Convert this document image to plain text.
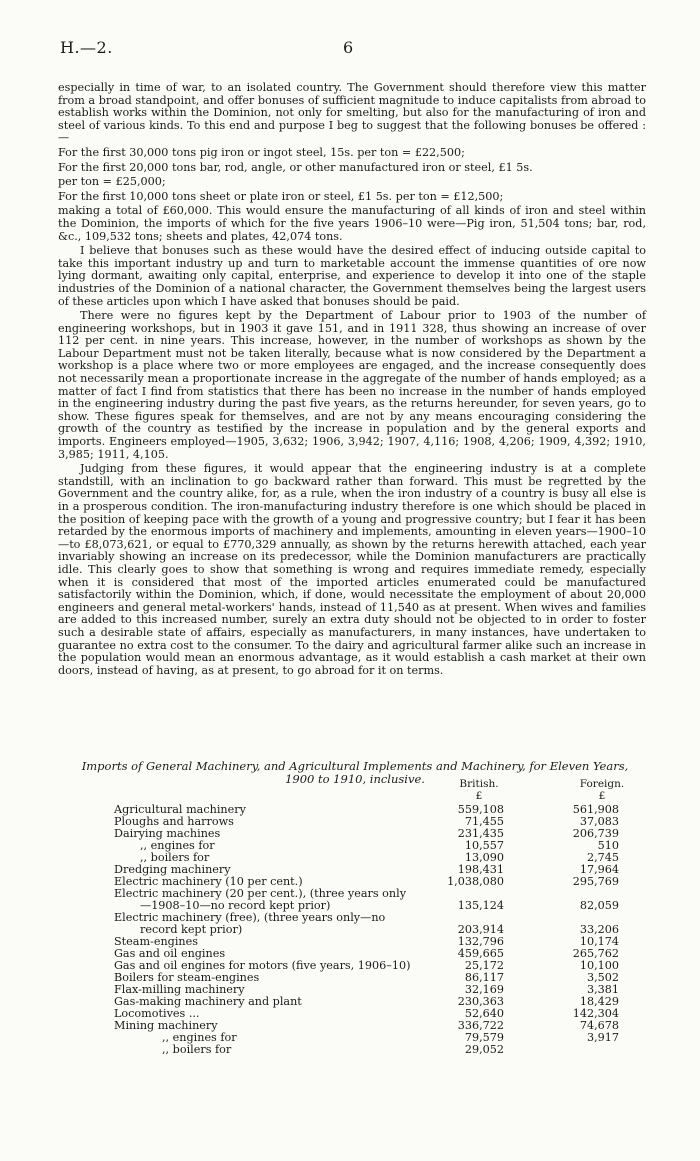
H.—2.	6

especially in time of war, to an isolated country. The Government should therefore view this matter from a broad standpoint, and offer bonuses of sufficient magnitude to induce capitalists from abroad to establish works within the Dominion, not only for smelting, but also for the manufacturing of iron and steel of various kinds. To this end and purpose I beg to suggest that the following bonuses be offered :—

For the first 30,000 tons pig iron or ingot steel, 15s. per ton = £22,500;

For the first 20,000 tons bar, rod, angle, or other manufactured iron or steel, £1 5s.

per ton = £25,000;

For the first 10,000 tons sheet or plate iron or steel, £1 5s. per ton = £12,500;

making a total of £60,000. This would ensure the manufacturing of all kinds of iron and steel within the Dominion, the imports of which for the five years 1906–10 were—Pig iron, 51,504 tons; bar, rod, &c., 109,532 tons; sheets and plates, 42,074 tons.

I believe that bonuses such as these would have the desired effect of inducing outside capital to take this important industry up and turn to marketable account the immense quantities of ore now lying dormant, awaiting only capital, enterprise, and experience to develop it into one of the staple industries of the Dominion of a national character, the Government themselves being the largest users of these articles upon which I have asked that bonuses should be paid.

There were no figures kept by the Department of Labour prior to 1903 of the number of engineering workshops, but in 1903 it gave 151, and in 1911 328, thus showing an increase of over 112 per cent. in nine years. This increase, however, in the number of workshops as shown by the Labour Department must not be taken literally, because what is now considered by the Department a workshop is a place where two or more employees are engaged, and the increase consequently does not necessarily mean a proportionate increase in the aggregate of the number of hands employed; as a matter of fact I find from statistics that there has been no increase in the number of hands employed in the engineering industry during the past five years, as the returns hereunder, for seven years, go to show. These figures speak for themselves, and are not by any means encouraging considering the growth of the country as testified by the increase in population and by the general exports and imports. Engineers employed—1905, 3,632; 1906, 3,942; 1907, 4,116; 1908, 4,206; 1909, 4,392; 1910, 3,985; 1911, 4,105.

Judging from these figures, it would appear that the engineering industry is at a complete standstill, with an inclination to go backward rather than forward. This must be regretted by the Government and the country alike, for, as a rule, when the iron industry of a country is busy all else is in a prosperous condition. The iron-manufacturing industry therefore is one which should be placed in the position of keeping pace with the growth of a young and progressive country; but I fear it has been retarded by the enormous imports of machinery and implements, amounting in eleven years—1900–10—to £8,073,621, or equal to £770,329 annually, as shown by the returns herewith attached, each year invariably showing an increase on its predecessor, while the Dominion manufacturers are practically idle. This clearly goes to show that something is wrong and requires immediate remedy, especially when it is considered that most of the imported articles enumerated could be manufactured satisfactorily within the Dominion, which, if done, would necessitate the employment of about 20,000 engineers and general metal-workers' hands, instead of 11,540 as at present. When wives and families are added to this increased number, surely an extra duty should not be objected to in order to foster such a desirable state of affairs, especially as manufacturers, in many instances, have undertaken to guarantee no extra cost to the consumer. To the dairy and agricultural farmer alike such an increase in the population would mean an enormous advantage, as it would establish a cash market at their own doors, instead of having, as at present, to go abroad for it on terms.

Imports of General Machinery, and Agricultural Implements and Machinery, for Eleven Years,
1900 to 1910, inclusive.	British.
£
Foreign.
£
Agricultural machinery	559,108	561,908
Ploughs and harrows	71,455	37,083
Dairying machines	231,435	206,739
,, engines for	10,557	510
,, boilers for	13,090	2,745
Dredging machinery	198,431	17,964
Electric machinery (10 per cent.)	1,038,080	295,769
Electric machinery (20 per cent.), (three years only
—1908–10—no record kept prior)	135,124	82,059
Electric machinery (free), (three years only—no
record kept prior)	203,914	33,206
Steam-engines	132,796	10,174
Gas and oil engines	459,665	265,762
Gas and oil engines for motors (five years, 1906–10)	25,172	10,100
Boilers for steam-engines	86,117	3,502
Flax-milling machinery	32,169	3,381
Gas-making machinery and plant	230,363	18,429
Locomotives ...	52,640	142,304
Mining machinery	336,722	74,678
,, engines for	79,579	3,917
,, boilers for	29,052
